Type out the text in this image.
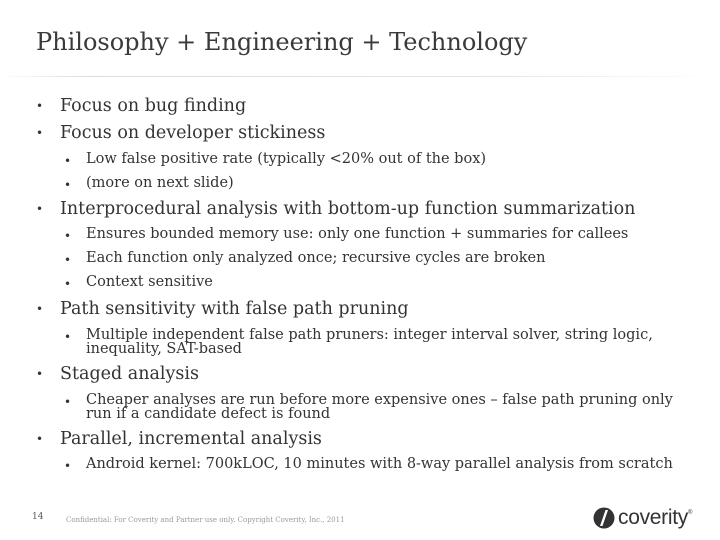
Philosophy + Engineering + Technology
• Focus on bug finding
• Focus on developer stickiness
• Low false positive rate (typically <20% out of the box)
• (more on next slide)
• Interprocedural analysis with bottom-up function summarization
• Ensures bounded memory use: only one function + summaries for callees
• Each function only analyzed once; recursive cycles are broken
• Context sensitive
• Path sensitivity with false path pruning
• Multiple independent false path pruners: integer interval solver, string logic,
inequality, SAT-based
• Staged analysis
• Cheaper analyses are run before more expensive ones – false path pruning only
run if a candidate defect is found
• Parallel, incremental analysis
• Android kernel: 700kLOC, 10 minutes with 8-way parallel analysis from scratch
14	Confidential: For Coverity and Partner use only. Copyright Coverity, Inc., 2011	coverity ®
